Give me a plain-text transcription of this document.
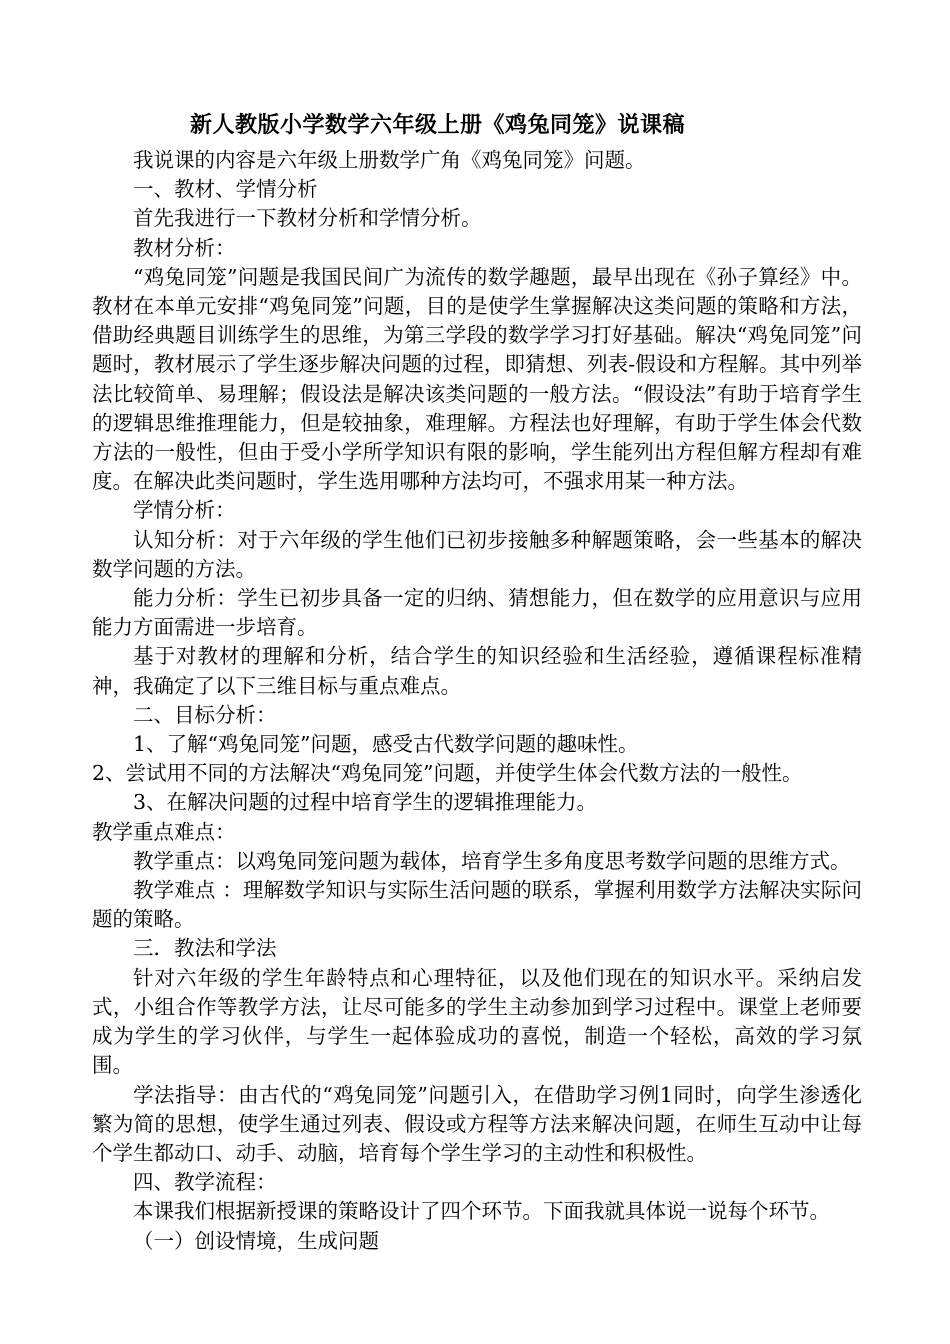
新人教版小学数学六年级上册《鸡兔同笼》说课稿

我说课的内容是六年级上册数学广角《鸡兔同笼》问题。

一、教材、学情分析

首先我进行一下教材分析和学情分析。

教材分析：

“鸡兔同笼”问题是我国民间广为流传的数学趣题，最早出现在《孙子算经》中。教材在本单元安排“鸡兔同笼”问题，目的是使学生掌握解决这类问题的策略和方法，借助经典题目训练学生的思维，为第三学段的数学学习打好基础。解决“鸡兔同笼”问题时，教材展示了学生逐步解决问题的过程，即猜想、列表-假设和方程解。其中列举法比较简单、易理解；假设法是解决该类问题的一般方法。“假设法”有助于培育学生的逻辑思维推理能力，但是较抽象，难理解。方程法也好理解，有助于学生体会代数方法的一般性，但由于受小学所学知识有限的影响，学生能列出方程但解方程却有难度。在解决此类问题时，学生选用哪种方法均可，不强求用某一种方法。

学情分析：

认知分析：对于六年级的学生他们已初步接触多种解题策略，会一些基本的解决数学问题的方法。

能力分析：学生已初步具备一定的归纳、猜想能力，但在数学的应用意识与应用能力方面需进一步培育。

基于对教材的理解和分析，结合学生的知识经验和生活经验，遵循课程标准精神，我确定了以下三维目标与重点难点。

二、目标分析：

1、了解“鸡兔同笼”问题，感受古代数学问题的趣味性。

2、尝试用不同的方法解决“鸡兔同笼”问题，并使学生体会代数方法的一般性。

3、在解决问题的过程中培育学生的逻辑推理能力。

教学重点难点：

教学重点：以鸡兔同笼问题为载体，培育学生多角度思考数学问题的思维方式。

教学难点 ：理解数学知识与实际生活问题的联系，掌握利用数学方法解决实际问题的策略。

三．教法和学法

针对六年级的学生年龄特点和心理特征，以及他们现在的知识水平。采纳启发式，小组合作等教学方法，让尽可能多的学生主动参加到学习过程中。课堂上老师要成为学生的学习伙伴，与学生一起体验成功的喜悦，制造一个轻松，高效的学习氛围。

学法指导：由古代的“鸡兔同笼”问题引入，在借助学习例1同时，向学生渗透化繁为简的思想，使学生通过列表、假设或方程等方法来解决问题，在师生互动中让每个学生都动口、动手、动脑，培育每个学生学习的主动性和积极性。

四、教学流程：

本课我们根据新授课的策略设计了四个环节。下面我就具体说一说每个环节。

（一）创设情境，生成问题
